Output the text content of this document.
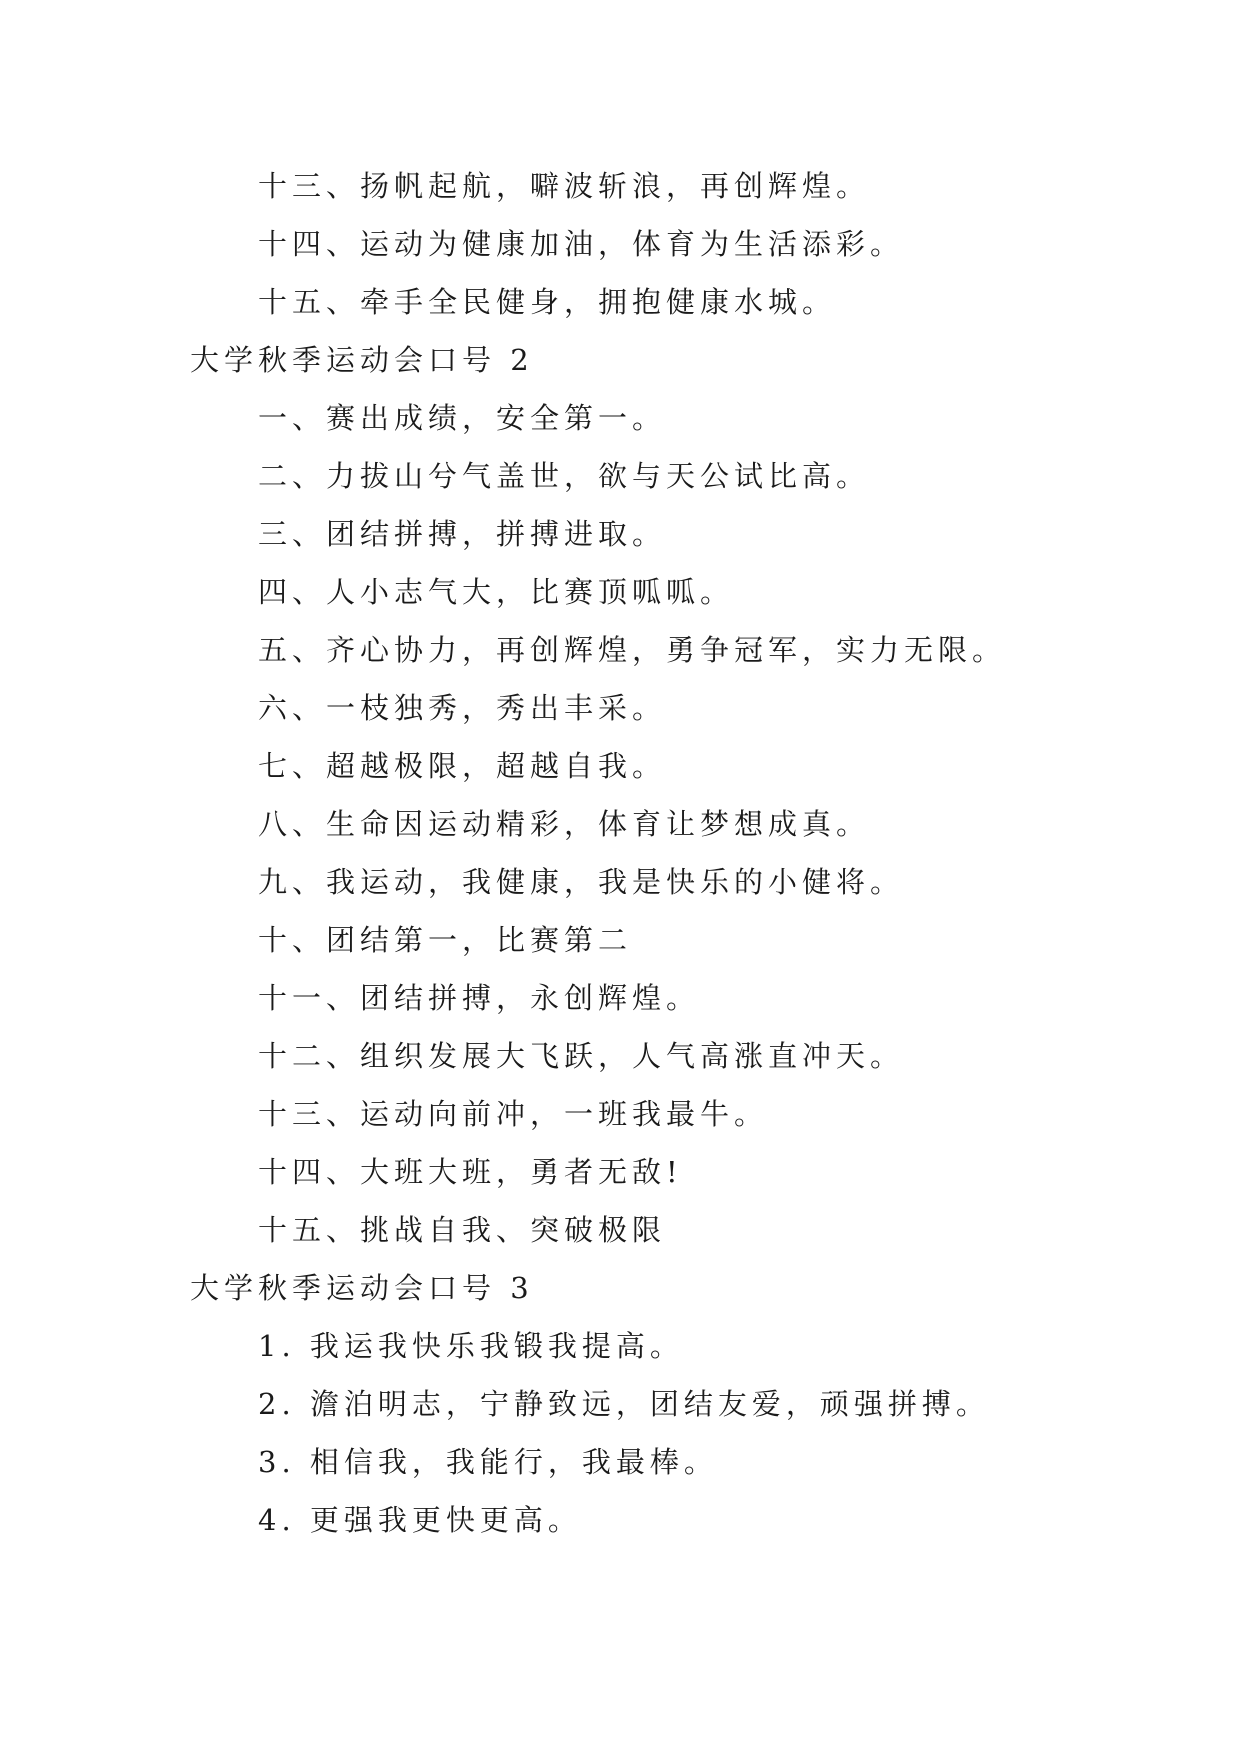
十三、扬帆起航，噼波斩浪，再创辉煌。
十四、运动为健康加油，体育为生活添彩。
十五、牵手全民健身，拥抱健康水城。
大学秋季运动会口号 2
一、赛出成绩，安全第一。
二、力拔山兮气盖世，欲与天公试比高。
三、团结拼搏，拼搏进取。
四、人小志气大，比赛顶呱呱。
五、齐心协力，再创辉煌，勇争冠军，实力无限。
六、一枝独秀，秀出丰采。
七、超越极限，超越自我。
八、生命因运动精彩，体育让梦想成真。
九、我运动，我健康，我是快乐的小健将。
十、团结第一，比赛第二
十一、团结拼搏，永创辉煌。
十二、组织发展大飞跃，人气高涨直冲天。
十三、运动向前冲，一班我最牛。
十四、大班大班，勇者无敌!
十五、挑战自我、突破极限
大学秋季运动会口号 3
1. 我运我快乐我锻我提高。
2. 澹泊明志，宁静致远，团结友爱，顽强拼搏。
3. 相信我，我能行，我最棒。
4. 更强我更快更高。
